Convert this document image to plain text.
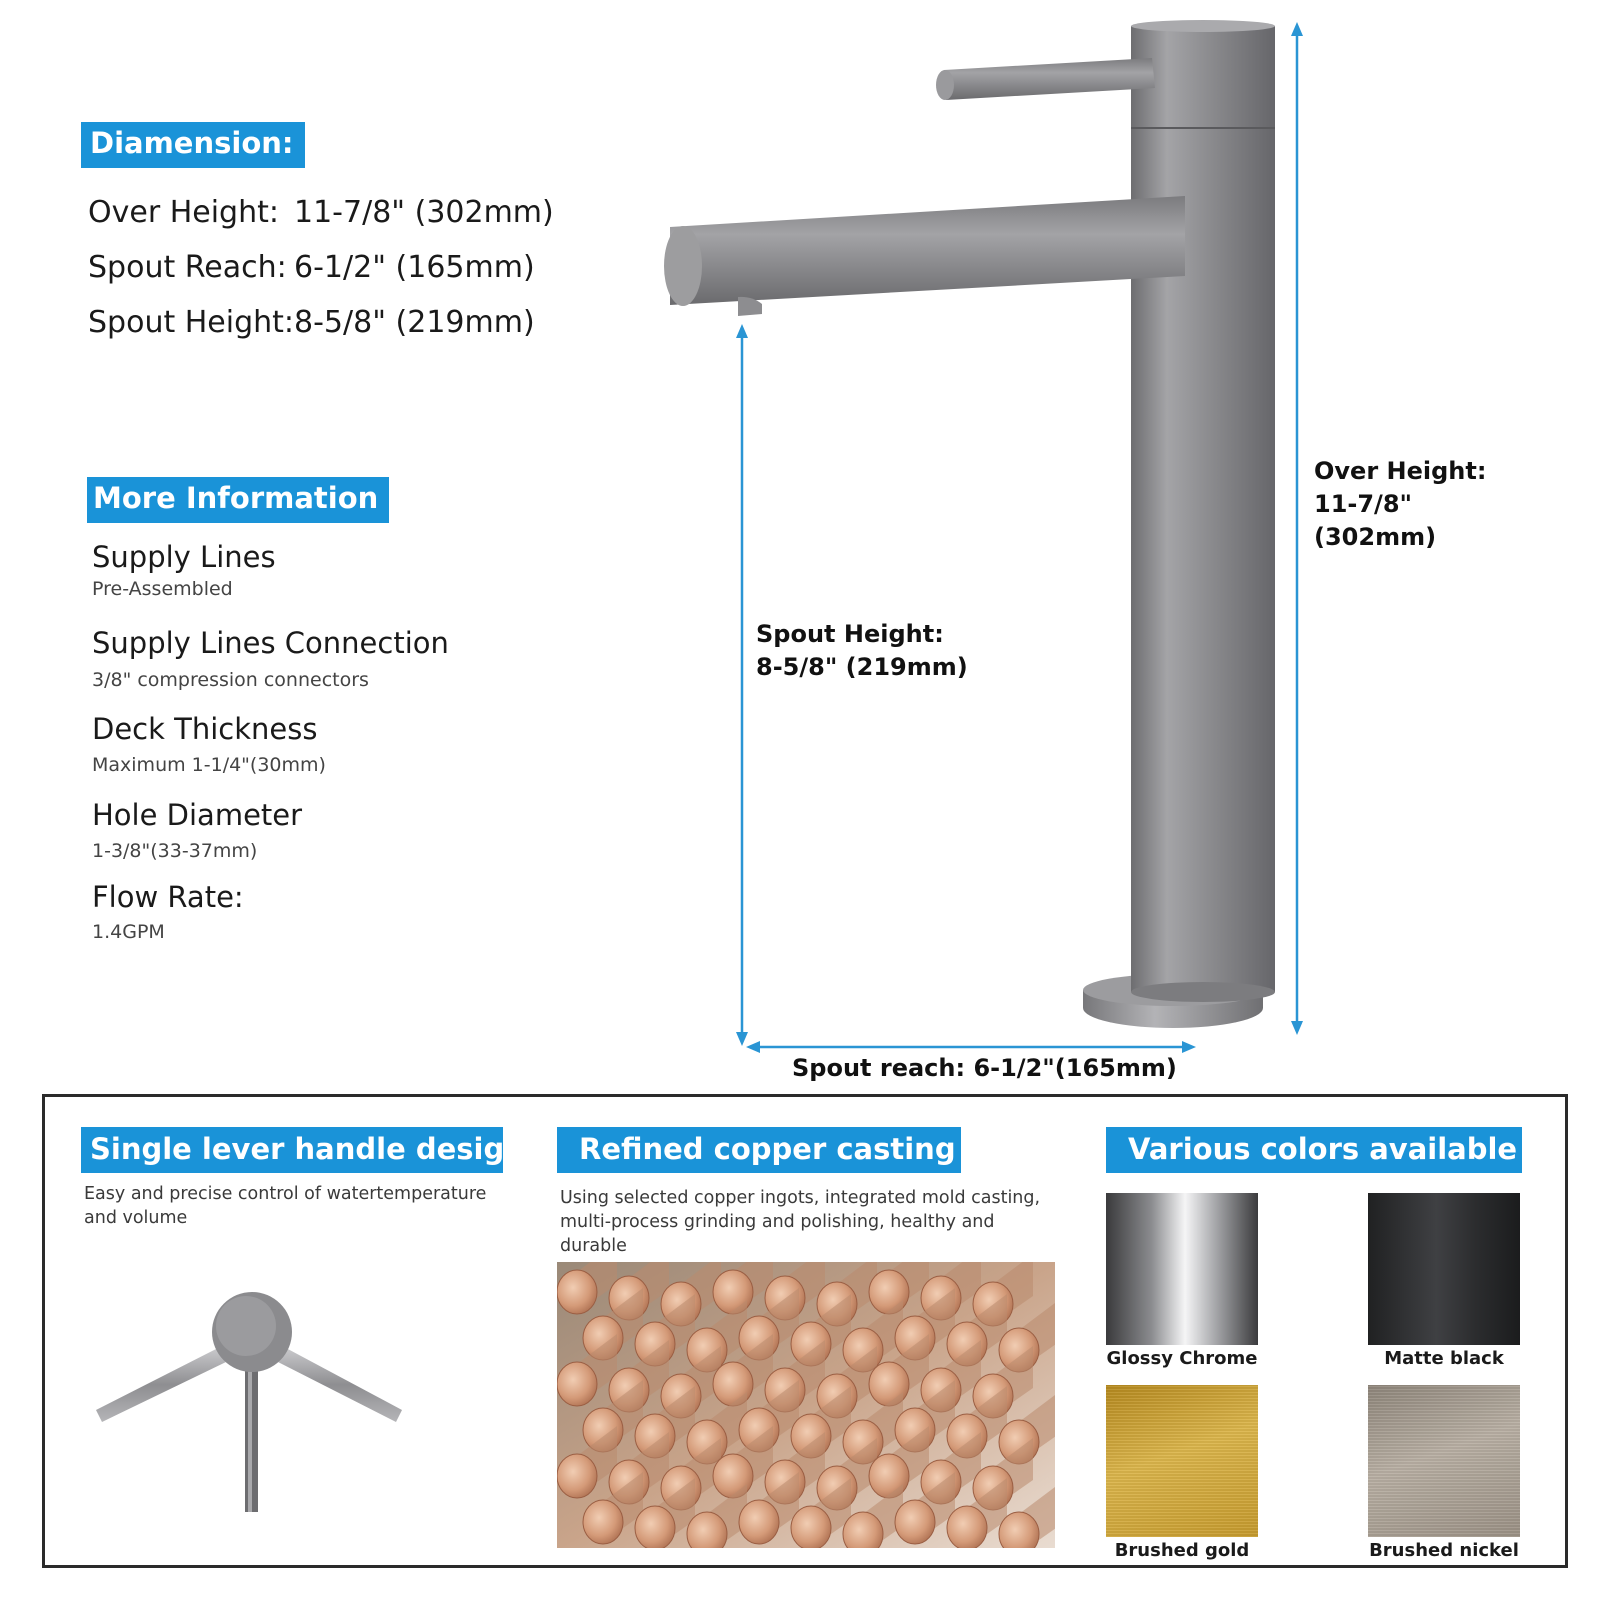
Diamension:
Over Height: 11-7/8" (302mm)
Spout Reach: 6-1/2" (165mm)
Spout Height:8-5/8" (219mm)
More Information
Supply Lines
Pre-Assembled
Supply Lines Connection
3/8" compression connectors
Deck Thickness
Maximum 1-1/4"(30mm)
Hole Diameter
1-3/8"(33-37mm)
Flow Rate:
1.4GPM
Over Height:
11-7/8"
(302mm)
Spout Height:
8-5/8" (219mm)
Spout reach: 6-1/2"(165mm)
Single lever handle design
Easy and precise control of watertemperature and volume
Refined copper casting
Using selected copper ingots, integrated mold casting, multi-process grinding and polishing, healthy and durable
Various colors available
Glossy Chrome	Matte black
Brushed gold	Brushed nickel
